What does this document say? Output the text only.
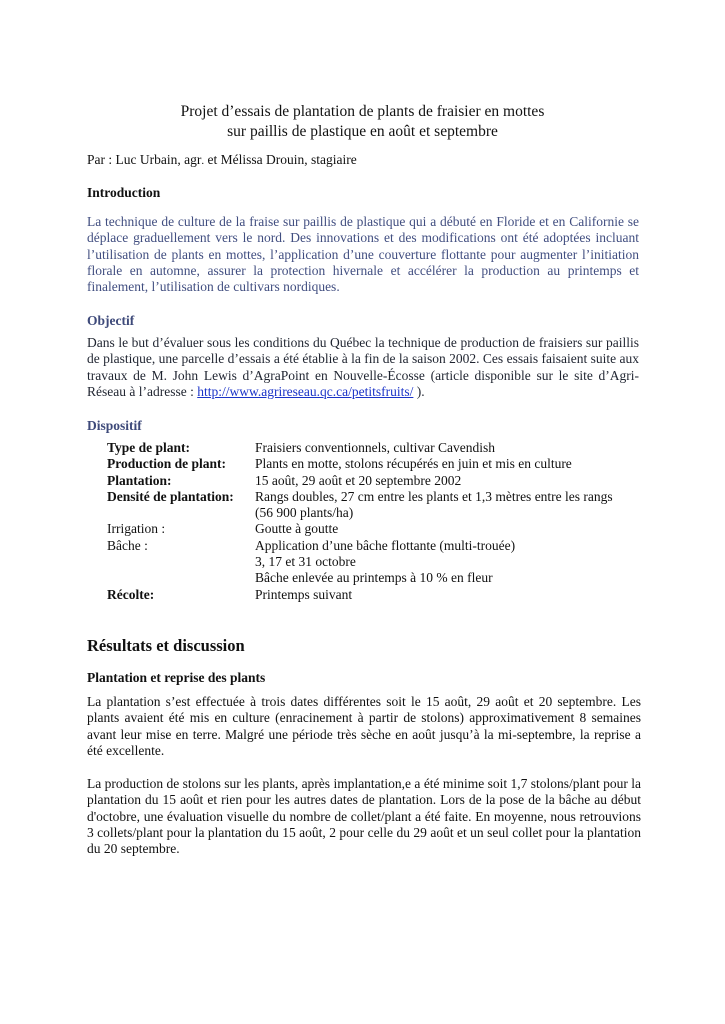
Projet d’essais de plantation de plants de fraisier en mottes
sur paillis de plastique en août et septembre
Par : Luc Urbain, agr. et Mélissa Drouin, stagiaire
Introduction

La technique de culture de la fraise sur paillis de plastique qui a débuté en Floride et en Californie se déplace graduellement vers le nord. Des innovations et des modifications ont été adoptées incluant l’utilisation de plants en mottes, l’application d’une couverture flottante pour augmenter l’initiation florale en automne, assurer la protection hivernale et accélérer la production au printemps et finalement, l’utilisation de cultivars nordiques.

Objectif

Dans le but d’évaluer sous les conditions du Québec la technique de production de fraisiers sur paillis de plastique, une parcelle d’essais a été établie à la fin de la saison 2002. Ces essais faisaient suite aux travaux de M. John Lewis d’AgraPoint en Nouvelle-Écosse (article disponible sur le site d’Agri-Réseau à l’adresse : http://www.agrireseau.qc.ca/petitsfruits/ ).

Dispositif
Type de plant:	Fraisiers conventionnels, cultivar Cavendish
Production de plant:	Plants en motte, stolons récupérés en juin et mis en culture
Plantation:	15 août, 29 août et 20 septembre 2002
Densité de plantation:	Rangs doubles, 27 cm entre les plants et 1,3 mètres entre les rangs
(56 900 plants/ha)
Irrigation :	Goutte à goutte
Bâche :	Application d’une bâche flottante (multi-trouée)
3, 17 et 31 octobre
Bâche enlevée au printemps à 10 % en fleur
Récolte:	Printemps suivant
Résultats et discussion
Plantation et reprise des plants

La plantation s’est effectuée à trois dates différentes soit le 15 août, 29 août et 20 septembre. Les plants avaient été mis en culture (enracinement à partir de stolons) approximativement 8 semaines avant leur mise en terre. Malgré une période très sèche en août jusqu’à la mi-septembre, la reprise a été excellente.

La production de stolons sur les plants, après implantation,e a été minime soit 1,7 stolons/plant pour la plantation du 15 août et rien pour les autres dates de plantation. Lors de la pose de la bâche au début d'octobre, une évaluation visuelle du nombre de collet/plant a été faite. En moyenne, nous retrouvions 3 collets/plant pour la plantation du 15 août, 2 pour celle du 29 août et un seul collet pour la plantation du 20 septembre.
